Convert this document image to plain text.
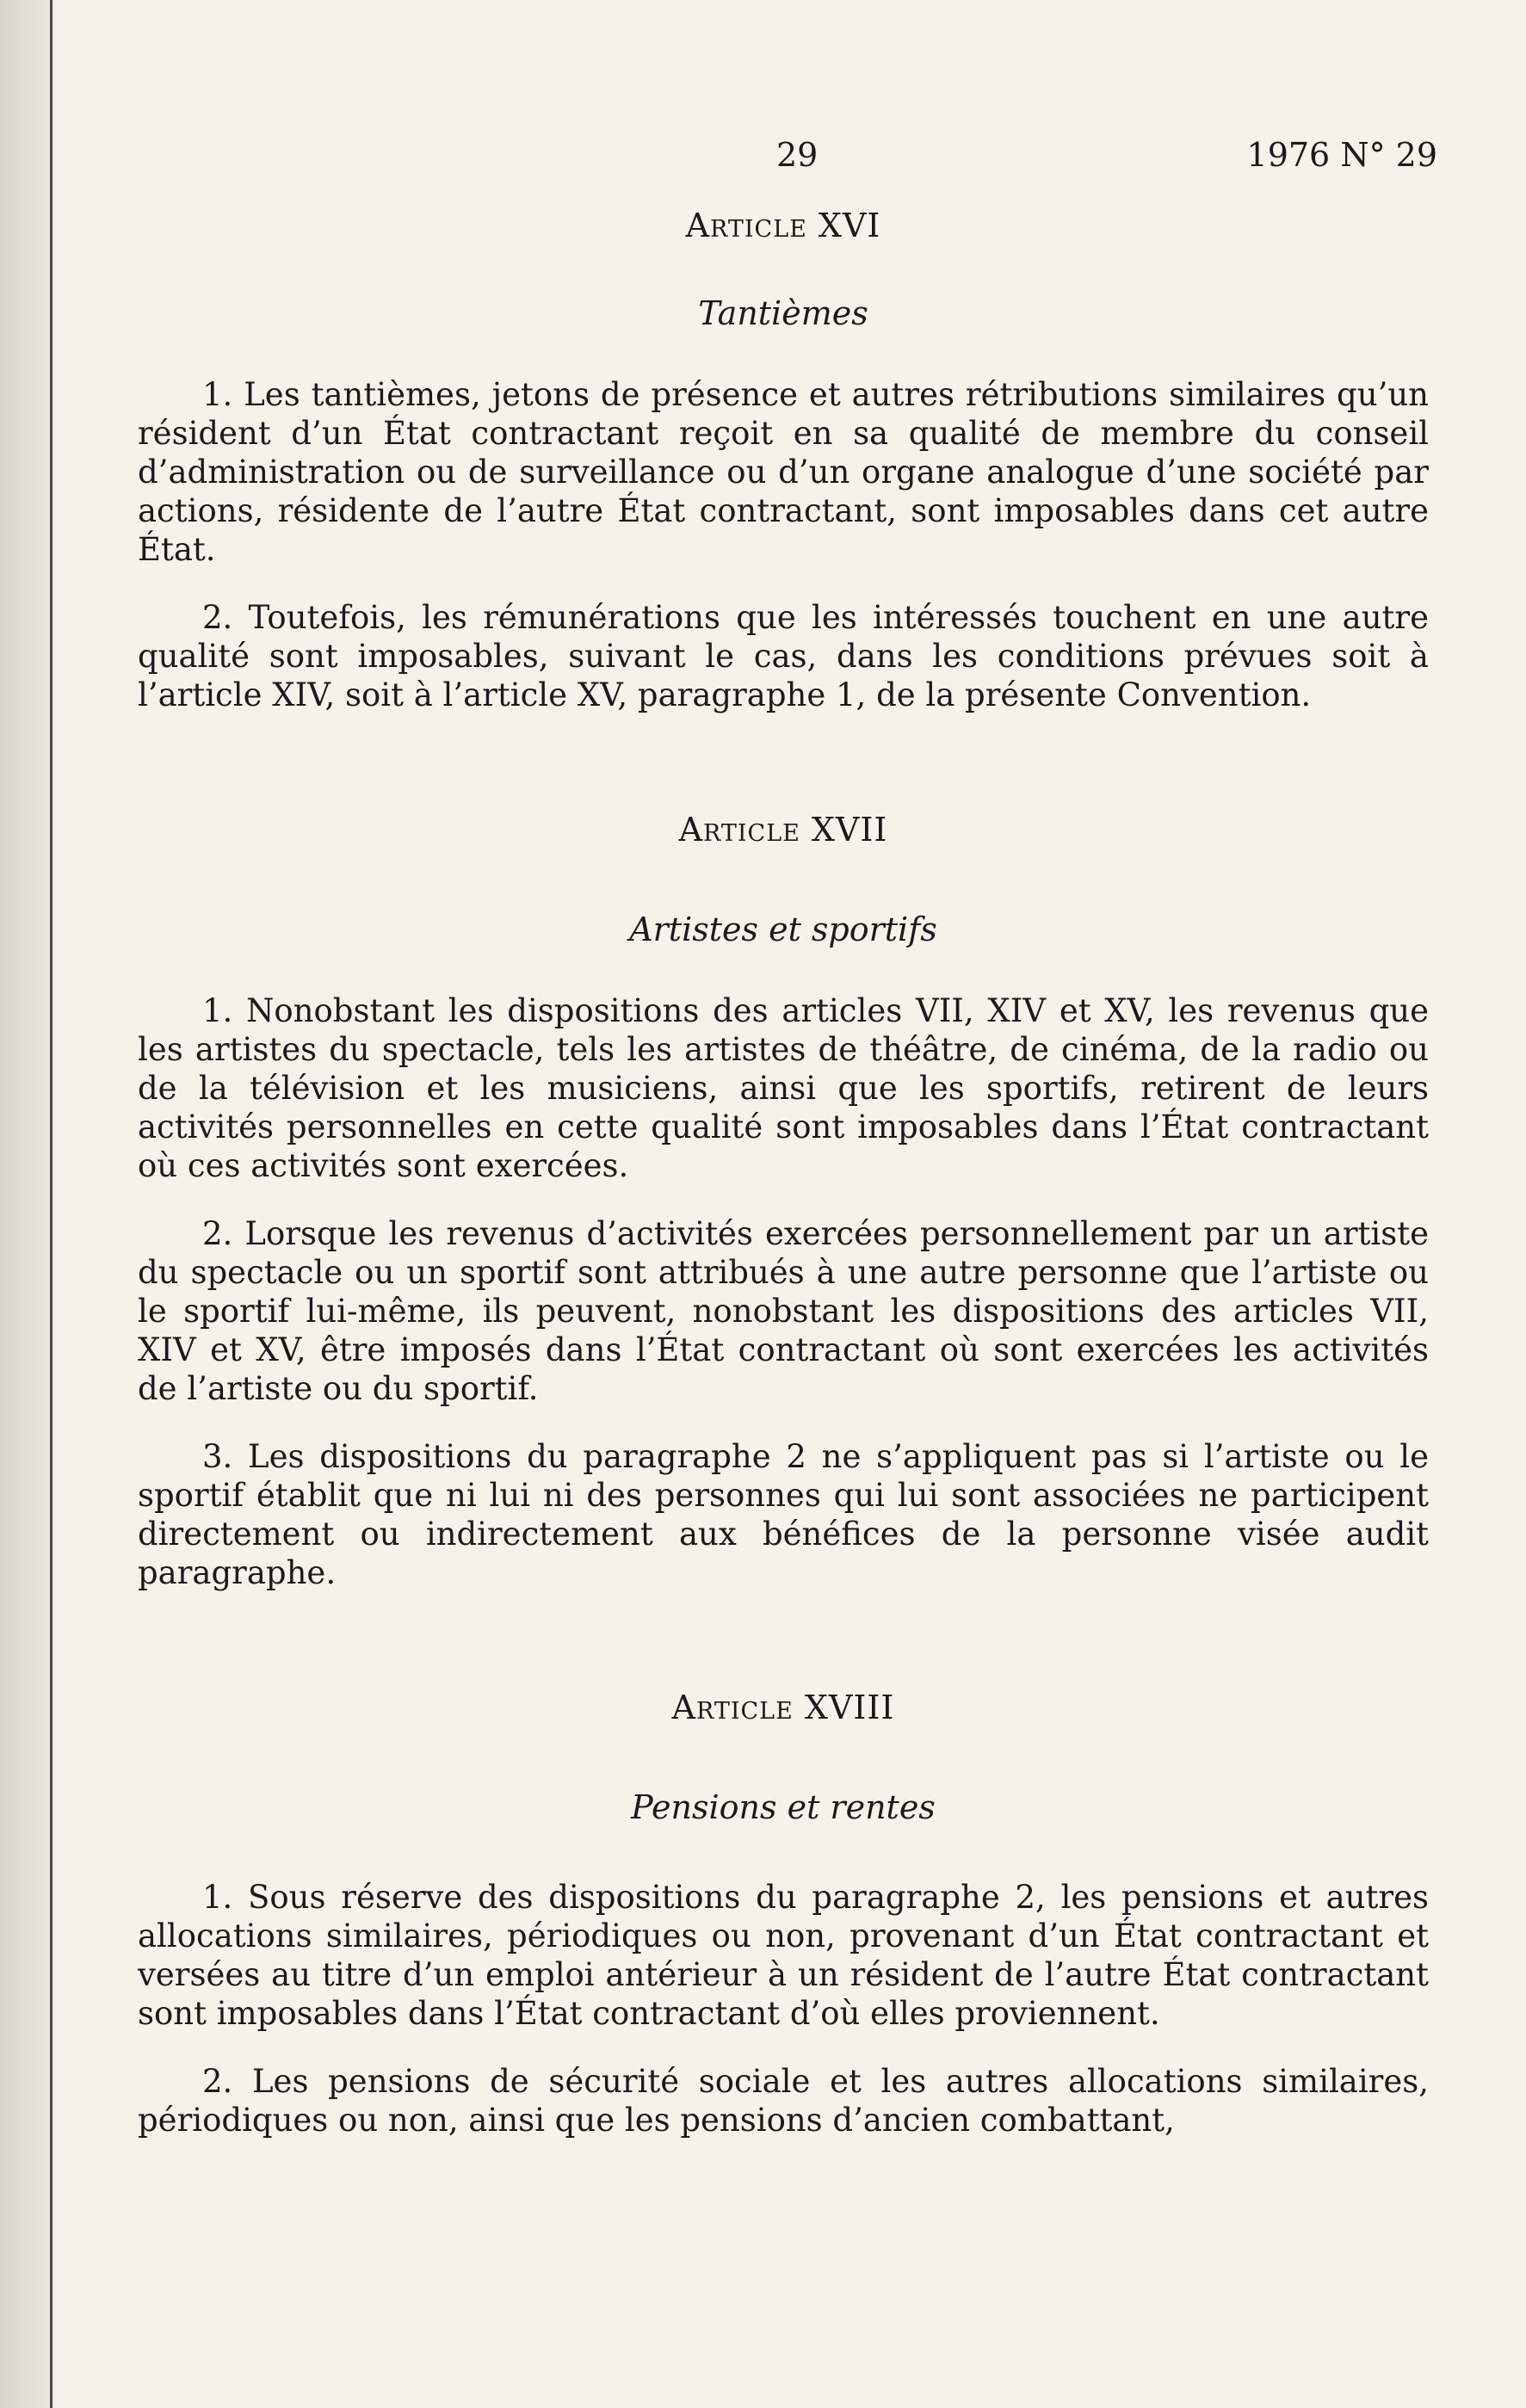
29	1976 N° 29
Article XVI
Tantièmes

1. Les tantièmes, jetons de présence et autres rétributions similaires qu’un résident d’un État contractant reçoit en sa qualité de membre du conseil d’administration ou de surveillance ou d’un organe analogue d’une société par actions, résidente de l’autre État contractant, sont imposables dans cet autre État.

2. Toutefois, les rémunérations que les intéressés touchent en une autre qualité sont imposables, suivant le cas, dans les conditions prévues soit à l’article XIV, soit à l’article XV, paragraphe 1, de la présente Convention.

Article XVII
Artistes et sportifs

1. Nonobstant les dispositions des articles VII, XIV et XV, les revenus que les artistes du spectacle, tels les artistes de théâtre, de cinéma, de la radio ou de la télévision et les musiciens, ainsi que les sportifs, retirent de leurs activités personnelles en cette qualité sont imposables dans l’État contractant où ces activités sont exercées.

2. Lorsque les revenus d’activités exercées personnellement par un artiste du spectacle ou un sportif sont attribués à une autre personne que l’artiste ou le sportif lui-même, ils peuvent, nonobstant les dispositions des articles VII, XIV et XV, être imposés dans l’État contractant où sont exercées les activités de l’artiste ou du sportif.

3. Les dispositions du paragraphe 2 ne s’appliquent pas si l’artiste ou le sportif établit que ni lui ni des personnes qui lui sont associées ne participent directement ou indirectement aux bénéfices de la personne visée audit paragraphe.

Article XVIII
Pensions et rentes

1. Sous réserve des dispositions du paragraphe 2, les pensions et autres allocations similaires, périodiques ou non, provenant d’un État contractant et versées au titre d’un emploi antérieur à un résident de l’autre État contractant sont imposables dans l’État contractant d’où elles proviennent.

2. Les pensions de sécurité sociale et les autres allocations similaires, périodiques ou non, ainsi que les pensions d’ancien combattant,
